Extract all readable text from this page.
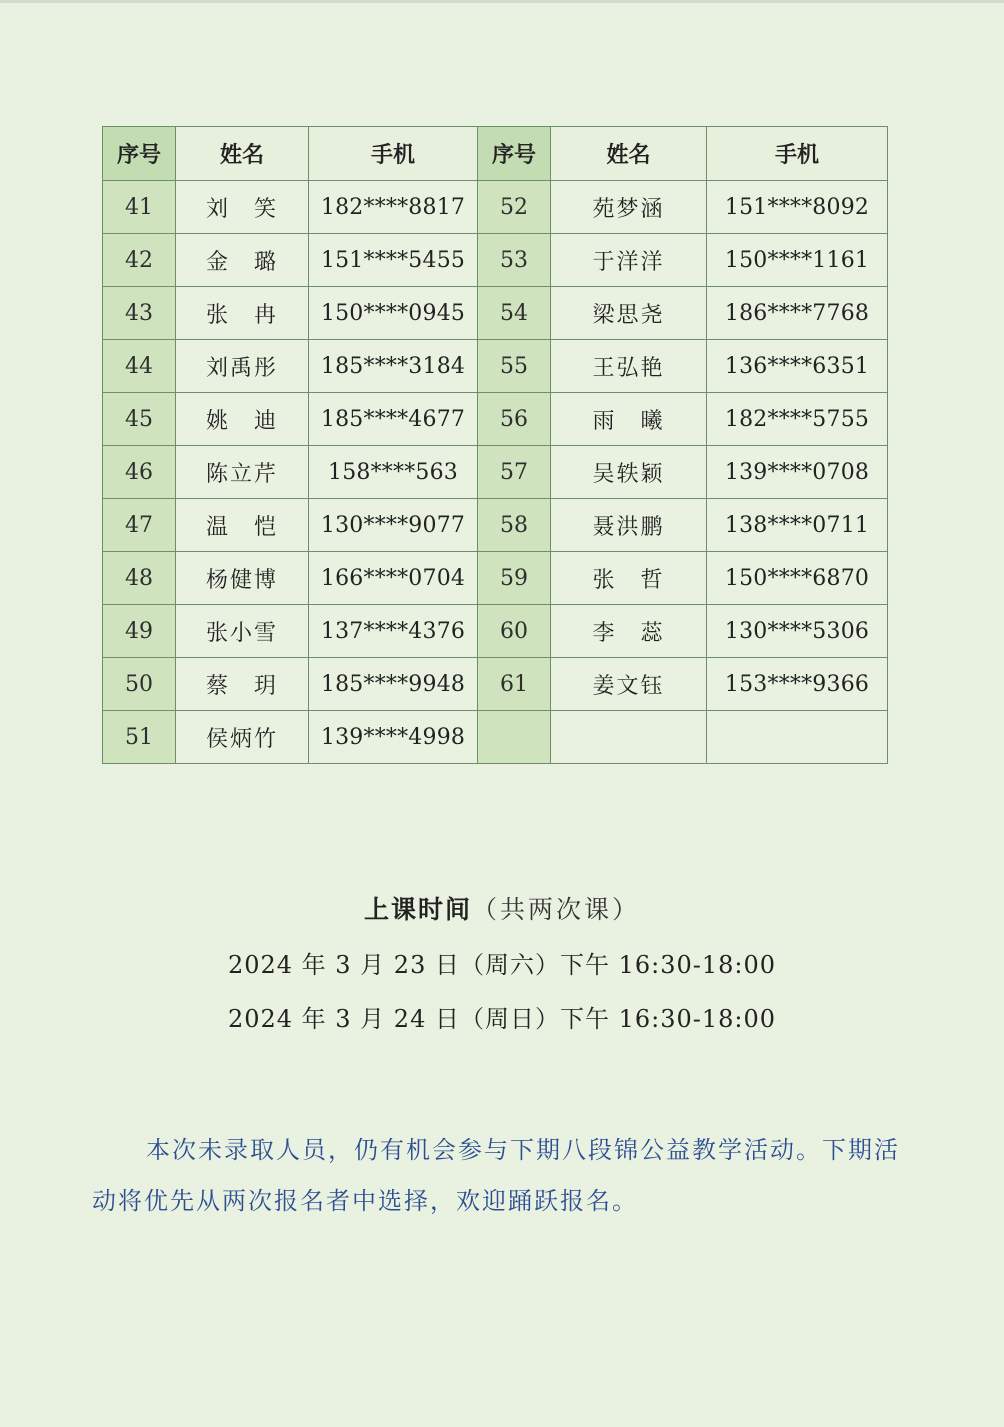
序号	姓名	手机	序号	姓名	手机
41	刘　笑	182****8817	52	苑梦涵	151****8092
42	金　璐	151****5455	53	于洋洋	150****1161
43	张　冉	150****0945	54	梁思尧	186****7768
44	刘禹彤	185****3184	55	王弘艳	136****6351
45	姚　迪	185****4677	56	雨　曦	182****5755
46	陈立芹	158****563	57	吴轶颖	139****0708
47	温　恺	130****9077	58	聂洪鹏	138****0711
48	杨健博	166****0704	59	张　哲	150****6870
49	张小雪	137****4376	60	李　蕊	130****5306
50	蔡　玥	185****9948	61	姜文钰	153****9366
51	侯炳竹	139****4998			
上课时间（共两次课）
2024 年 3 月 23 日（周六）下午 16:30-18:00
2024 年 3 月 24 日（周日）下午 16:30-18:00
本次未录取人员，仍有机会参与下期八段锦公益教学活动。下期活动将优先从两次报名者中选择，欢迎踊跃报名。
